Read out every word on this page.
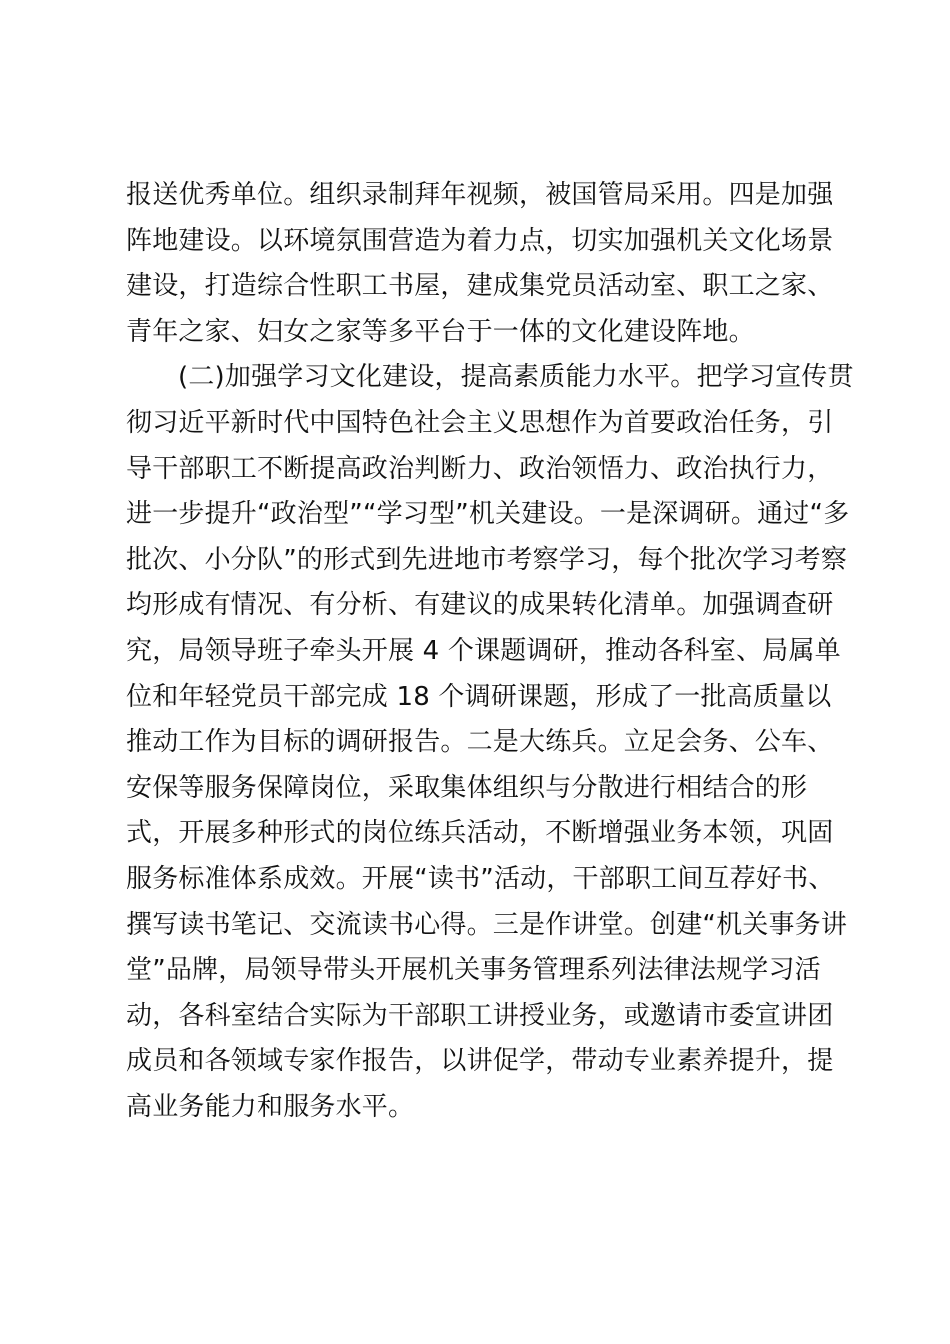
报送优秀单位。组织录制拜年视频，被国管局采用。四是加强
阵地建设。以环境氛围营造为着力点，切实加强机关文化场景
建设，打造综合性职工书屋，建成集党员活动室、职工之家、
青年之家、妇女之家等多平台于一体的文化建设阵地。
(二)加强学习文化建设，提高素质能力水平。把学习宣传贯
彻习近平新时代中国特色社会主义思想作为首要政治任务，引
导干部职工不断提高政治判断力、政治领悟力、政治执行力，
进一步提升“政治型”“学习型”机关建设。一是深调研。通过“多
批次、小分队”的形式到先进地市考察学习，每个批次学习考察
均形成有情况、有分析、有建议的成果转化清单。加强调查研
究，局领导班子牵头开展 4 个课题调研，推动各科室、局属单
位和年轻党员干部完成 18 个调研课题，形成了一批高质量以
推动工作为目标的调研报告。二是大练兵。立足会务、公车、
安保等服务保障岗位，采取集体组织与分散进行相结合的形
式，开展多种形式的岗位练兵活动，不断增强业务本领，巩固
服务标准体系成效。开展“读书”活动，干部职工间互荐好书、
撰写读书笔记、交流读书心得。三是作讲堂。创建“机关事务讲
堂”品牌，局领导带头开展机关事务管理系列法律法规学习活
动，各科室结合实际为干部职工讲授业务，或邀请市委宣讲团
成员和各领域专家作报告，以讲促学，带动专业素养提升，提
高业务能力和服务水平。
